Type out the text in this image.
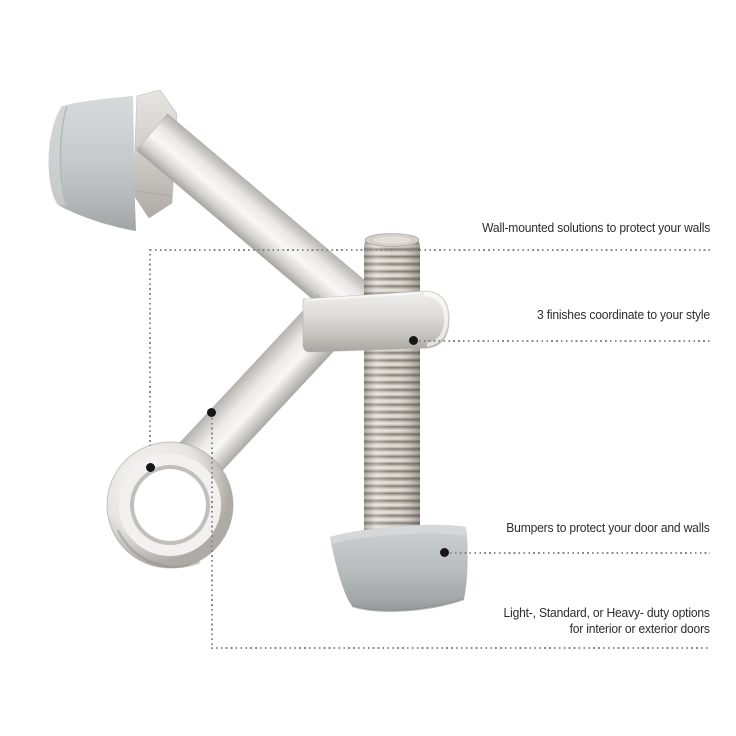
Wall-mounted solutions to protect your walls
3 finishes coordinate to your style
Bumpers to protect your door and walls
Light-, Standard, or Heavy- duty options
for interior or exterior doors
